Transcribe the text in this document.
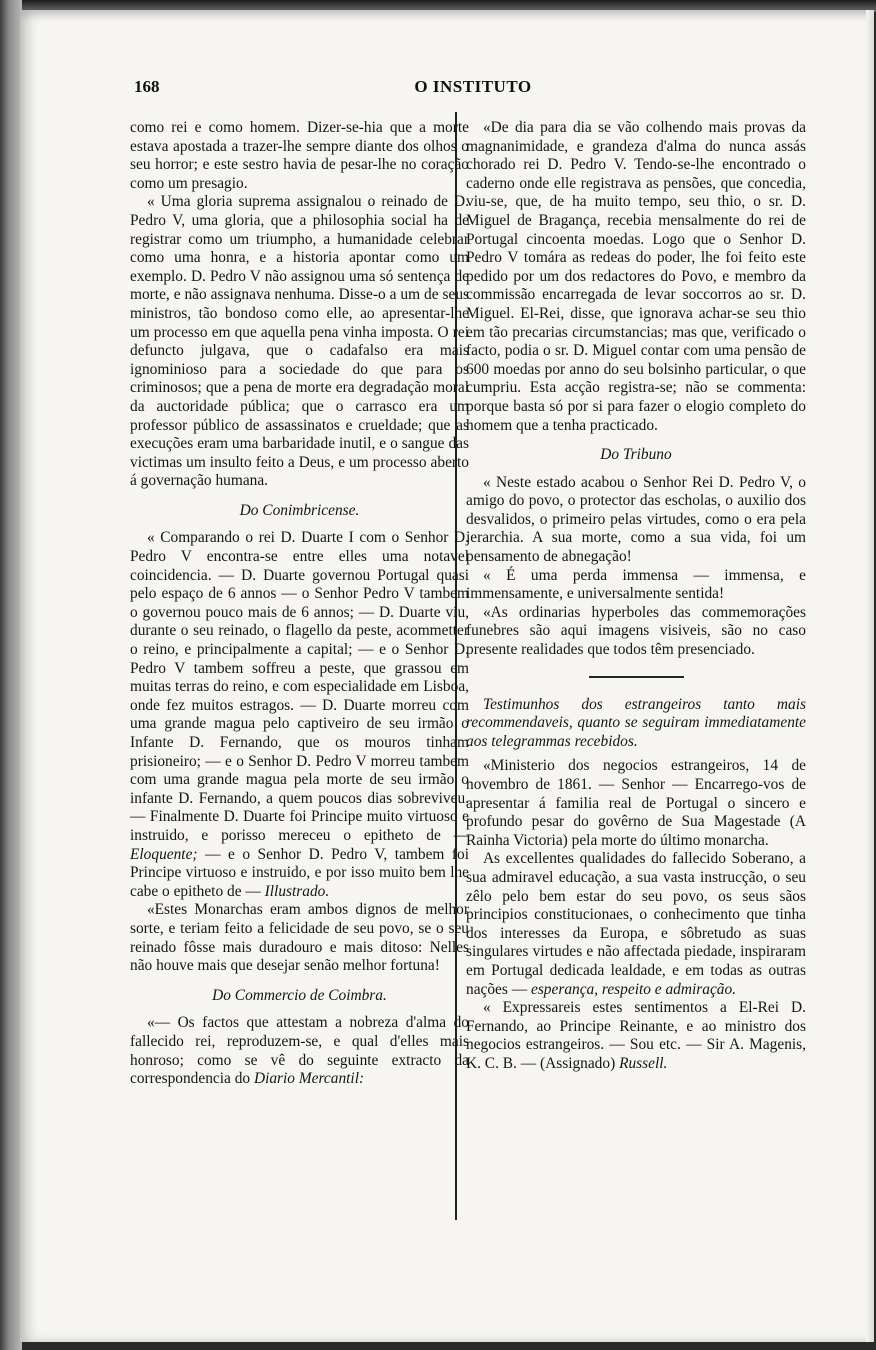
168	O INSTITUTO

como rei e como homem. Dizer-se-hia que a morte estava apostada a trazer-lhe sempre diante dos olhos o seu horror; e este sestro havia de pesar-lhe no coração como um presagio.

« Uma gloria suprema assignalou o reinado de D. Pedro V, uma gloria, que a philosophia social ha de registrar como um triumpho, a humanidade celebrar como uma honra, e a historia apontar como um exemplo. D. Pedro V não assignou uma só sentença de morte, e não assignava nenhuma. Disse-o a um de seus ministros, tão bondoso como elle, ao apresentar-lhe um processo em que aquella pena vinha imposta. O rei defuncto julgava, que o cadafalso era mais ignominioso para a sociedade do que para os criminosos; que a pena de morte era degradação moral da auctoridade pública; que o carrasco era um professor público de assassinatos e crueldade; que as execuções eram uma barbaridade inutil, e o sangue das victimas um insulto feito a Deus, e um processo aberto á governação humana.

Do Conimbricense.

« Comparando o rei D. Duarte I com o Senhor D. Pedro V encontra-se entre elles uma notavel coincidencia. — D. Duarte governou Portugal quasi pelo espaço de 6 annos — o Senhor Pedro V tambem o governou pouco mais de 6 annos; — D. Duarte viu, durante o seu reinado, o flagello da peste, acommetter o reino, e principalmente a capital; — e o Senhor D. Pedro V tambem soffreu a peste, que grassou em muitas terras do reino, e com especialidade em Lisboa, onde fez muitos estragos. — D. Duarte morreu com uma grande magua pelo captiveiro de seu irmão o Infante D. Fernando, que os mouros tinham prisioneiro; — e o Senhor D. Pedro V morreu tambem com uma grande magua pela morte de seu irmão o infante D. Fernando, a quem poucos dias sobreviveu. — Finalmente D. Duarte foi Principe muito virtuoso e instruido, e porisso mereceu o epitheto de — Eloquente; — e o Senhor D. Pedro V, tambem foi Principe virtuoso e instruido, e por isso muito bem lhe cabe o epitheto de — Illustrado.

«Estes Monarchas eram ambos dignos de melhor sorte, e teriam feito a felicidade de seu povo, se o seu reinado fôsse mais duradouro e mais ditoso: Nelles não houve mais que desejar senão melhor fortuna!

Do Commercio de Coimbra.

«— Os factos que attestam a nobreza d'alma do fallecido rei, reproduzem-se, e qual d'elles mais honroso; como se vê do seguinte extracto da correspondencia do Diario Mercantil:

«De dia para dia se vão colhendo mais provas da magnanimidade, e grandeza d'alma do nunca assás chorado rei D. Pedro V. Tendo-se-lhe encontrado o caderno onde elle registrava as pensões, que concedia, viu-se, que, de ha muito tempo, seu thio, o sr. D. Miguel de Bragança, recebia mensalmente do rei de Portugal cincoenta moedas. Logo que o Senhor D. Pedro V tomára as redeas do poder, lhe foi feito este pedido por um dos redactores do Povo, e membro da commissão encarregada de levar soccorros ao sr. D. Miguel. El-Rei, disse, que ignorava achar-se seu thio em tão precarias circumstancias; mas que, verificado o facto, podia o sr. D. Miguel contar com uma pensão de 600 moedas por anno do seu bolsinho particular, o que cumpriu. Esta acção registra-se; não se commenta: porque basta só por si para fazer o elogio completo do homem que a tenha practicado.

Do Tribuno

« Neste estado acabou o Senhor Rei D. Pedro V, o amigo do povo, o protector das escholas, o auxilio dos desvalidos, o primeiro pelas virtudes, como o era pela jerarchia. A sua morte, como a sua vida, foi um pensamento de abnegação!

« É uma perda immensa — immensa, e immensamente, e universalmente sentida!

«As ordinarias hyperboles das commemorações funebres são aqui imagens visiveis, são no caso presente realidades que todos têm presenciado.

Testimunhos dos estrangeiros tanto mais recommendaveis, quanto se seguiram immediatamente aos telegrammas recebidos.

«Ministerio dos negocios estrangeiros, 14 de novembro de 1861. — Senhor — Encarrego-vos de apresentar á familia real de Portugal o sincero e profundo pesar do govêrno de Sua Magestade (A Rainha Victoria) pela morte do último monarcha.

As excellentes qualidades do fallecido Soberano, a sua admiravel educação, a sua vasta instrucção, o seu zêlo pelo bem estar do seu povo, os seus sãos principios constitucionaes, o conhecimento que tinha dos interesses da Europa, e sôbretudo as suas singulares virtudes e não affectada piedade, inspiraram em Portugal dedicada lealdade, e em todas as outras nações — esperança, respeito e admiração.

« Expressareis estes sentimentos a El-Rei D. Fernando, ao Principe Reinante, e ao ministro dos negocios estrangeiros. — Sou etc. — Sir A. Magenis, K. C. B. — (Assignado) Russell.
